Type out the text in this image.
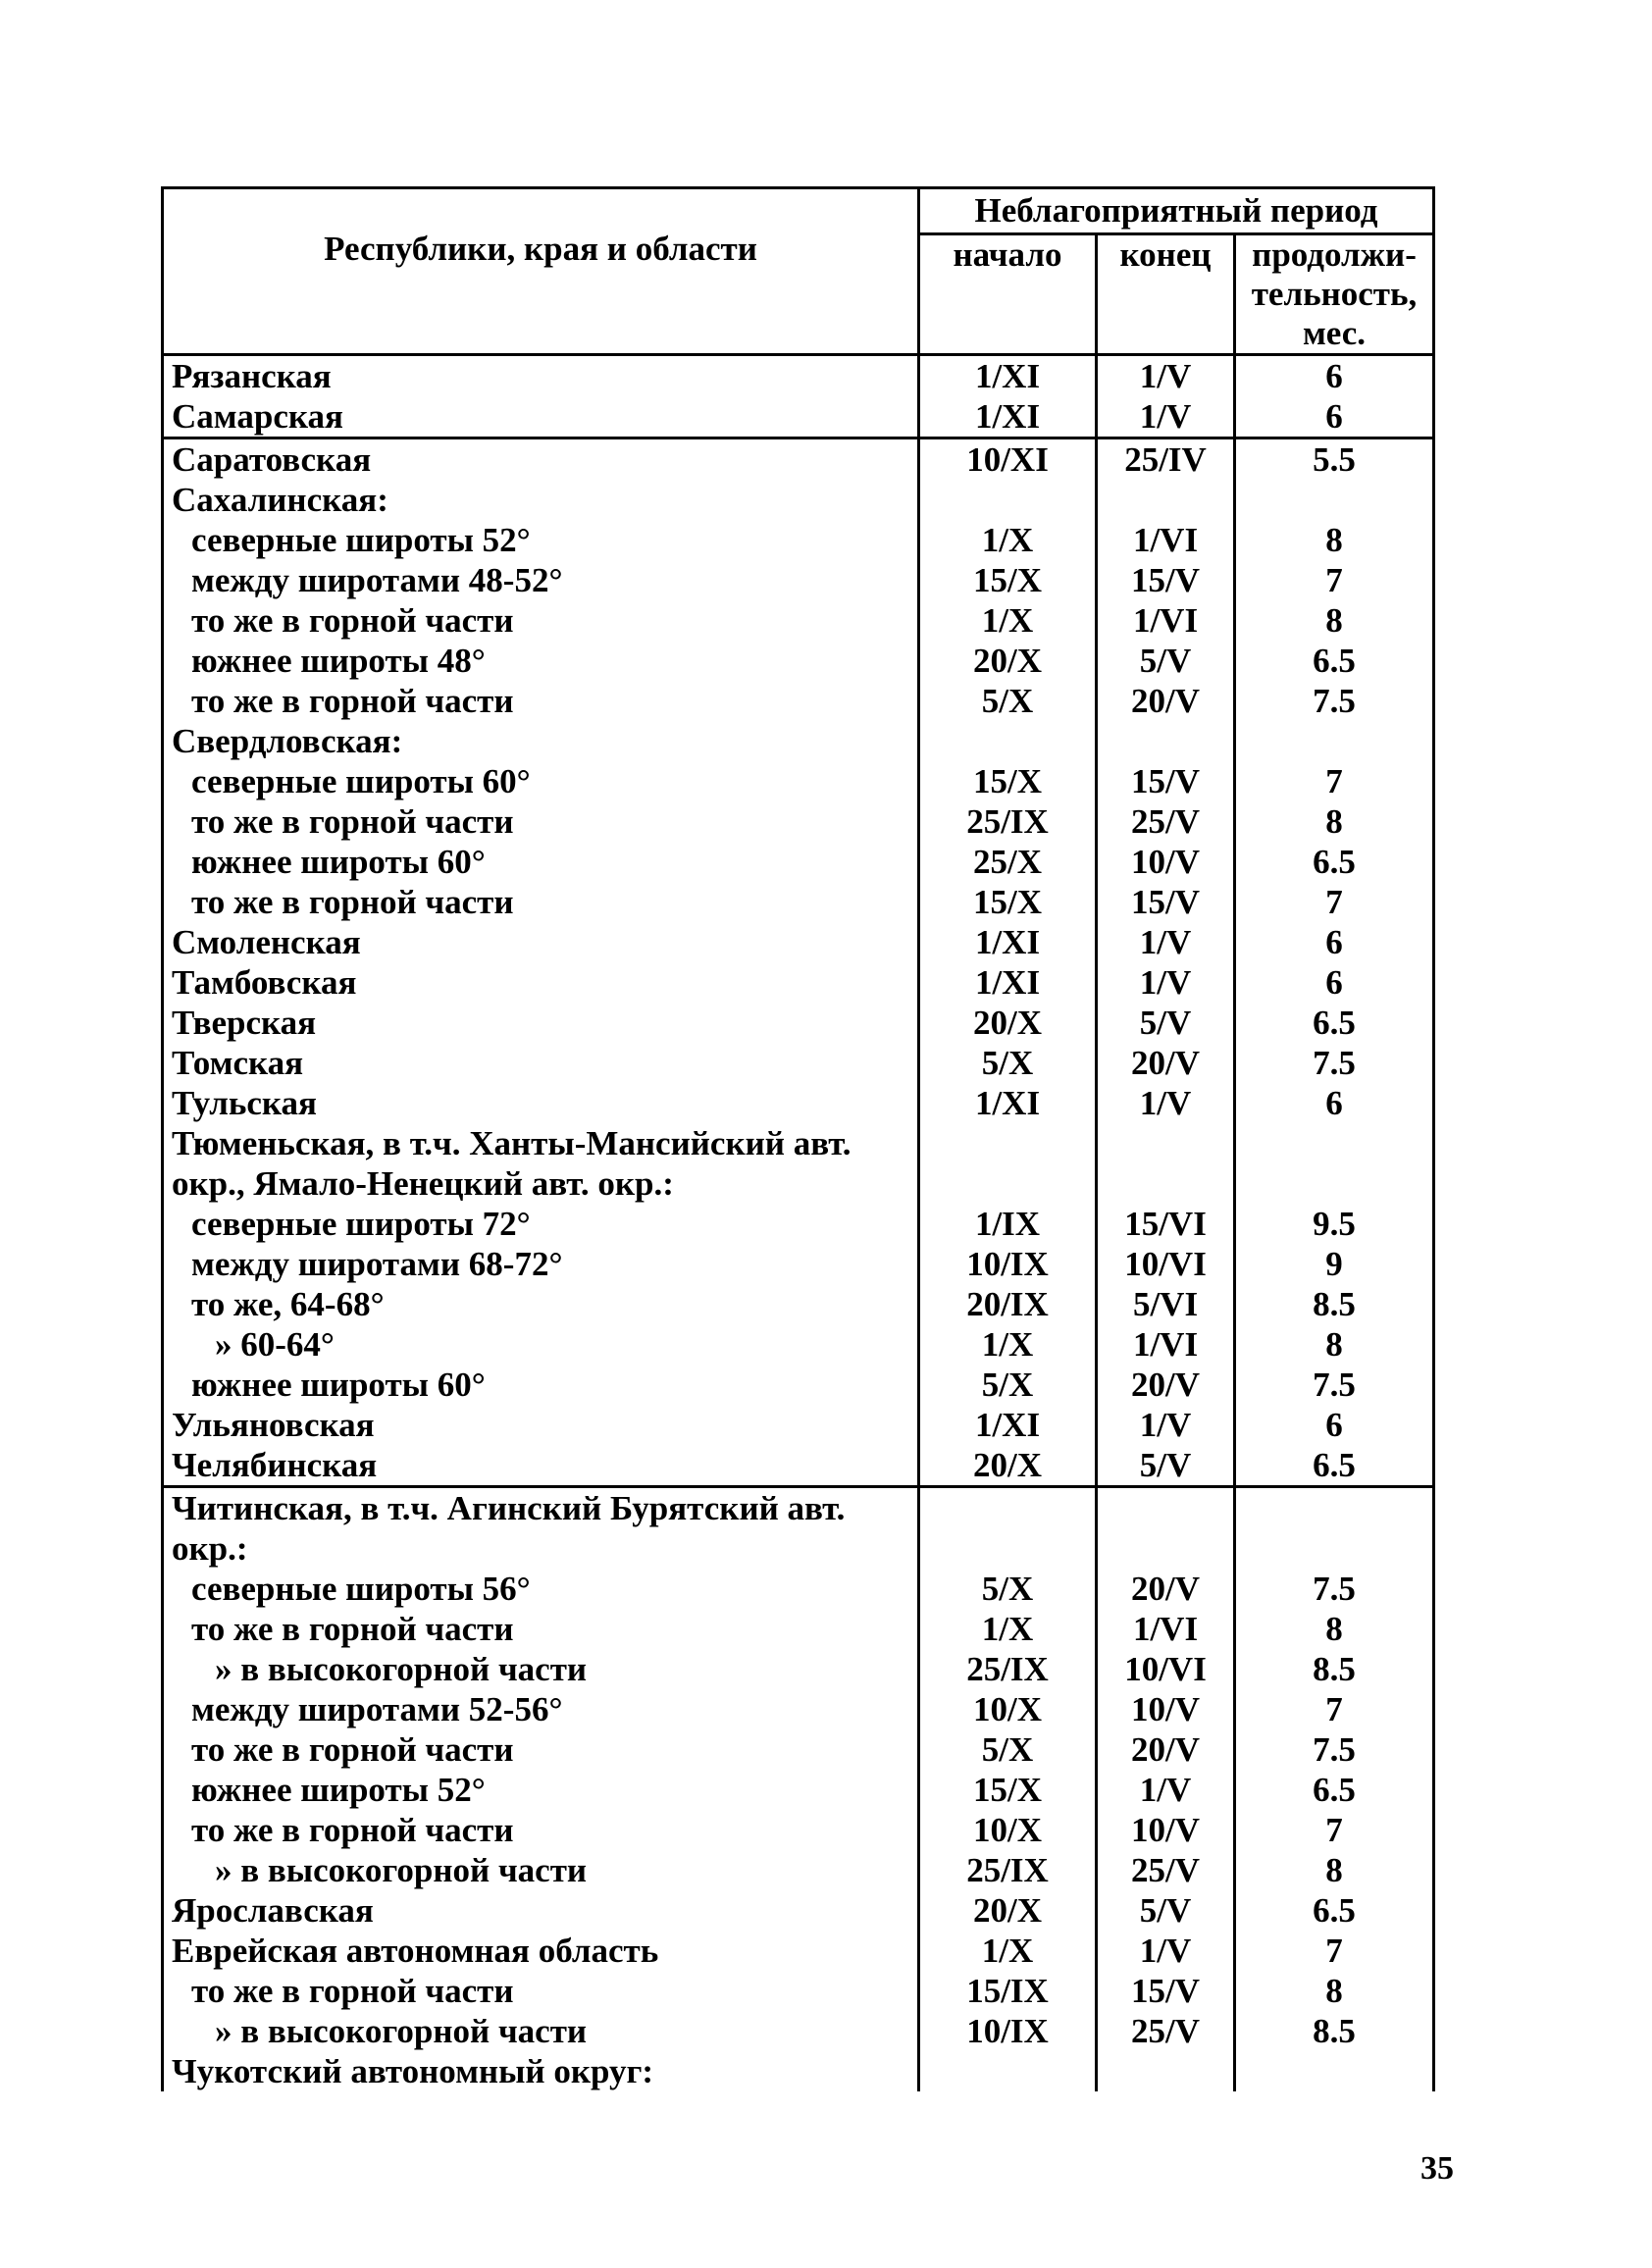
Республики, края и области	Неблагоприятный период		
	начало	конец	продолжи-тельность, мес.
Рязанская	1/XI	1/V	6
Самарская	1/XI	1/V	6
Саратовская	10/XI	25/IV	5.5
Сахалинская:			
северные широты 52°	1/X	1/VI	8
между широтами 48-52°	15/X	15/V	7
то же в горной части	1/X	1/VI	8
южнее широты 48°	20/X	5/V	6.5
то же в горной части	5/X	20/V	7.5
Свердловская:			
северные широты 60°	15/X	15/V	7
то же в горной части	25/IX	25/V	8
южнее широты 60°	25/X	10/V	6.5
то же в горной части	15/X	15/V	7
Смоленская	1/XI	1/V	6
Тамбовская	1/XI	1/V	6
Тверская	20/X	5/V	6.5
Томская	5/X	20/V	7.5
Тульская	1/XI	1/V	6
Тюменьская, в т.ч. Ханты-Мансийский авт.			
окр., Ямало-Ненецкий авт. окр.:			
северные широты 72°	1/IX	15/VI	9.5
между широтами 68-72°	10/IX	10/VI	9
то же, 64-68°	20/IX	5/VI	8.5
» 60-64°	1/X	1/VI	8
южнее широты 60°	5/X	20/V	7.5
Ульяновская	1/XI	1/V	6
Челябинская	20/X	5/V	6.5
Читинская, в т.ч. Агинский Бурятский авт.			
окр.:			
северные широты 56°	5/X	20/V	7.5
то же в горной части	1/X	1/VI	8
» в высокогорной части	25/IX	10/VI	8.5
между широтами 52-56°	10/X	10/V	7
то же в горной части	5/X	20/V	7.5
южнее широты 52°	15/X	1/V	6.5
то же в горной части	10/X	10/V	7
» в высокогорной части	25/IX	25/V	8
Ярославская	20/X	5/V	6.5
Еврейская автономная область	1/X	1/V	7
то же в горной части	15/IX	15/V	8
» в высокогорной части	10/IX	25/V	8.5
Чукотский автономный округ:			
35
